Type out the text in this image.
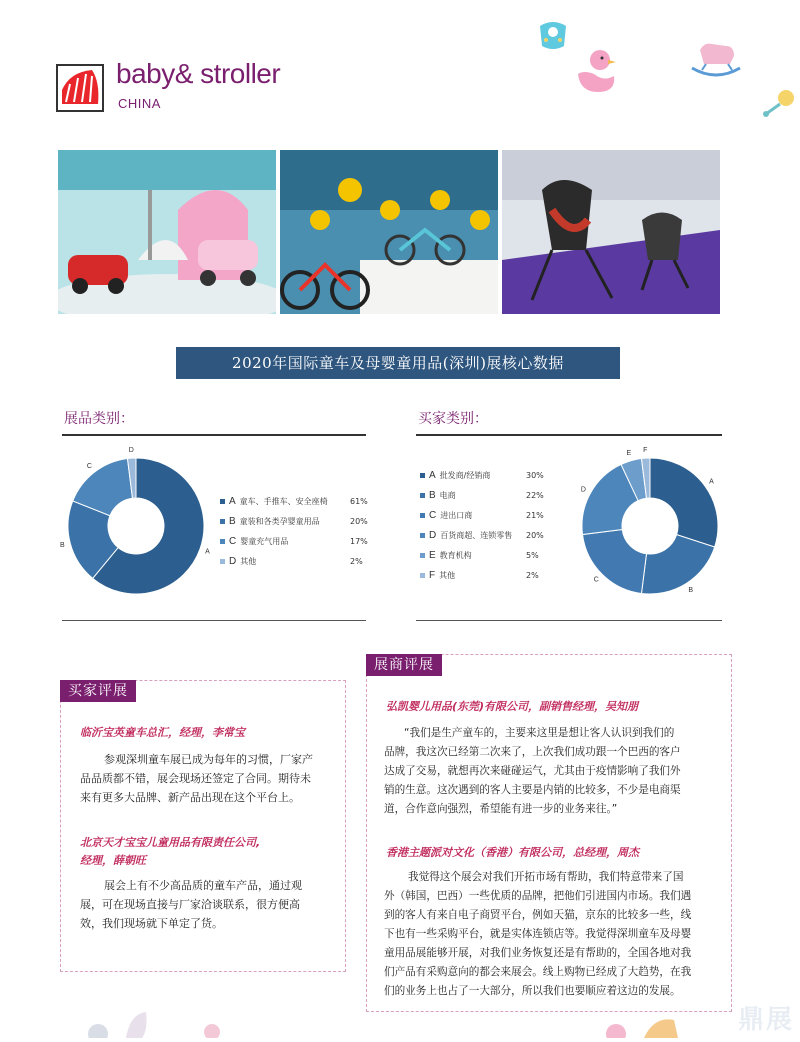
baby& stroller
CHINA
2020年国际童车及母婴童用品(深圳)展核心数据
展品类别：
A
B
C
D
A 童车、手推车、安全座椅	61%
B 童装和各类孕婴童用品	20%
C 婴童充气用品	17%
D 其他	2%
买家类别：
A 批发商/经销商	30%
B 电商	22%
C 进出口商	21%
D 百货商超、连锁零售 20%
E 教育机构	5%
F 其他	2%
A
B
C
D
E F
买家评展
临沂宝英童车总汇，经理，李常宝
参观深圳童车展已成为每年的习惯，厂家产
品品质都不错，展会现场还签定了合同。期待未
来有更多大品牌、新产品出现在这个平台上。
北京天才宝宝儿童用品有限责任公司,
经理，薛朝旺
展会上有不少高品质的童车产品，通过观
展，可在现场直接与厂家洽谈联系，很方便高
效，我们现场就下单定了货。
展商评展
弘凯婴儿用品(东莞)有限公司，副销售经理，吴知朋
“我们是生产童车的，主要来这里是想让客人认识到我们的
品牌，我这次已经第二次来了，上次我们成功跟一个巴西的客户
达成了交易，就想再次来碰碰运气，尤其由于疫情影响了我们外
销的生意。这次遇到的客人主要是内销的比较多，不少是电商渠
道，合作意向强烈，希望能有进一步的业务来往。”
香港主题派对文化（香港）有限公司，总经理，周杰
我觉得这个展会对我们开拓市场有帮助，我们特意带来了国
外（韩国，巴西）一些优质的品牌，把他们引进国内市场。我们遇
到的客人有来自电子商贸平台，例如天猫，京东的比较多一些，线
下也有一些采购平台，就是实体连锁店等。我觉得深圳童车及母婴
童用品展能够开展，对我们业务恢复还是有帮助的，全国各地对我
们产品有采购意向的都会来展会。线上购物已经成了大趋势，在我
们的业务上也占了一大部分，所以我们也要顺应着这边的发展。
鼎展
